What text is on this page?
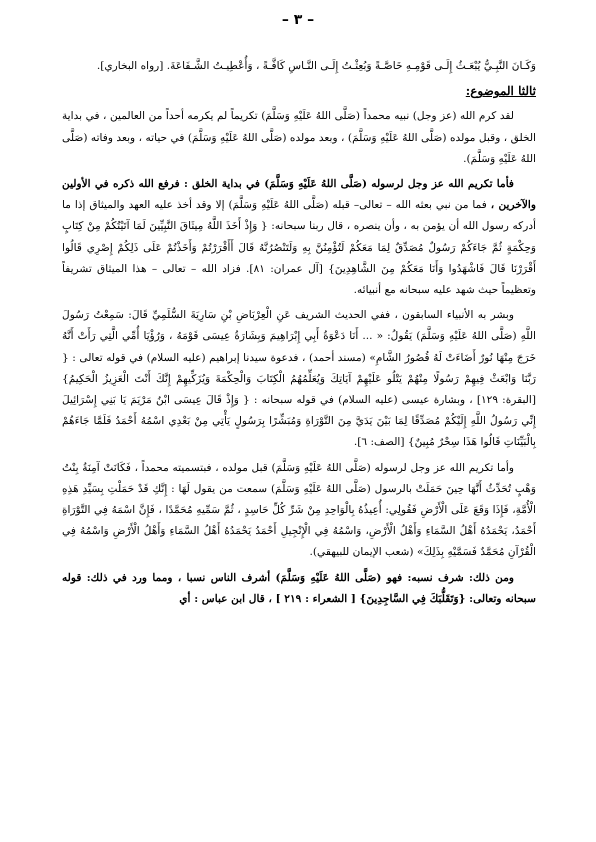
– ٣ –

وَكَـانَ النَّبِـيُّ يُبْعَـثُ إِلَـى قَوْمِـهِ خَاصَّـةً وَبُعِثْـتُ إِلَـى النَّـاسِ كَافَّـةً ، وَأُعْطِيـتُ الشَّـفَاعَةَ. [رواه البخاري].

ثالثا الموضوع:

لقد كرم الله (عز وجل) نبيه محمداً (صَلَّى اللهُ عَلَيْهِ وَسَلَّمَ) تكريماً لم يكرمه أحداً من العالمين ، في بداية الخلق ، وقبل مولده (صَلَّى اللهُ عَلَيْهِ وَسَلَّمَ) ، وبعد مولده (صَلَّى اللهُ عَلَيْهِ وَسَلَّمَ) في حياته ، وبعد وفاته (صَلَّى اللهُ عَلَيْهِ وَسَلَّمَ).

فأما تكريم الله عز وجل لرسوله (صَلَّى اللهُ عَلَيْهِ وَسَلَّمَ) في بداية الخلق : فرفع الله ذكره في الأولين والآخرين ، فما من نبي بعثه الله – تعالى– قبله (صَلَّى اللهُ عَلَيْهِ وَسَلَّمَ) إلا وقد أخذ عليه العهد والميثاق إذا ما أدركه رسول الله أن يؤمن به ، وأن ينصره ، قال ربنا سبحانه: { وَإِذْ أَخَذَ اللَّهُ مِيثَاقَ النَّبِيِّينَ لَمَا آتَيْتُكُمْ مِنْ كِتَابٍ وَحِكْمَةٍ ثُمَّ جَاءَكُمْ رَسُولٌ مُصَدِّقٌ لِمَا مَعَكُمْ لَتُؤْمِنُنَّ بِهِ وَلَتَنْصُرُنَّهُ قَالَ أَأَقْرَرْتُمْ وَأَخَذْتُمْ عَلَى ذَلِكُمْ إِصْرِي قَالُوا أَقْرَرْنَا قَالَ فَاشْهَدُوا وَأَنَا مَعَكُمْ مِنَ الشَّاهِدِينَ} [آل عمران: ٨١]. فزاد الله – تعالى – هذا الميثاق تشريفاً وتعظيماً حيث شهد عليه سبحانه مع أنبيائه.

وبشر به الأنبياء السابقون ، ففي الحديث الشريف عَنِ الْعِرْبَاضِ بْنِ سَارِيَةَ السُّلَمِيِّ قَالَ: سَمِعْتُ رَسُولَ اللَّهِ (صَلَّى اللهُ عَلَيْهِ وَسَلَّمَ) يَقُولُ: « ... أَنَا دَعْوَةُ أَبِي إِبْرَاهِيمَ وَبِشَارَةُ عِيسَى قَوْمَهُ ، وَرُؤْيَا أُمِّي الَّتِي رَأَتْ أَنَّهُ خَرَجَ مِنْهَا نُورٌ أَضَاءَتْ لَهُ قُصُورُ الشَّامِ» (مسند أحمد) ، فدعوة سيدنا إبراهيم (عليه السلام) في قوله تعالى : { رَبَّنَا وَابْعَثْ فِيهِمْ رَسُولًا مِنْهُمْ يَتْلُو عَلَيْهِمْ آيَاتِكَ وَيُعَلِّمُهُمُ الْكِتَابَ وَالْحِكْمَةَ وَيُزَكِّيهِمْ إِنَّكَ أَنْتَ الْعَزِيزُ الْحَكِيمُ} [البقرة: ١٢٩] ، وبشارة عيسى (عليه السلام) في قوله سبحانه : { وَإِذْ قَالَ عِيسَى ابْنُ مَرْيَمَ يَا بَنِي إِسْرَائِيلَ إِنِّي رَسُولُ اللَّهِ إِلَيْكُمْ مُصَدِّقًا لِمَا بَيْنَ يَدَيَّ مِنَ التَّوْرَاةِ وَمُبَشِّرًا بِرَسُولٍ يَأْتِي مِنْ بَعْدِي اسْمُهُ أَحْمَدُ فَلَمَّا جَاءَهُمْ بِالْبَيِّنَاتِ قَالُوا هَذَا سِحْرٌ مُبِينٌ} [الصف: ٦].

وأما تكريم الله عز وجل لرسوله (صَلَّى اللهُ عَلَيْهِ وَسَلَّمَ) قبل مولده ، فبتسميته محمداً ، فَكَانَتْ آمِنَةُ بِنْتُ وَهْبٍ تُحَدِّثُ أَنَّهَا حِينَ حَمَلَتْ بالرسول (صَلَّى اللهُ عَلَيْهِ وَسَلَّمَ) سمعت من يقول لَهَا : إِنَّكِ قَدْ حَمَلْتِ بِسَيِّدِ هَذِهِ الْأُمَّةِ، فَإِذَا وَقَعَ عَلَى الْأَرْضِ فَقُولِي: أُعِيذُهُ بِالْوَاحِدِ مِنْ شَرِّ كُلِّ حَاسِدٍ ، ثُمَّ سَمِّيهِ مُحَمَّدًا ، فَإِنَّ اسْمَهُ فِي التَّوْرَاةِ أَحْمَدُ، يَحْمَدُهُ أَهْلُ السَّمَاءِ وَأَهْلُ الْأَرْضِ، وَاسْمُهُ فِي الْإِنْجِيلِ أَحْمَدُ يَحْمَدُهُ أَهْلُ السَّمَاءِ وَأَهْلُ الْأَرْضِ وَاسْمُهُ فِي الْقُرْآنِ مُحَمَّدٌ فَسَمَّيْهِ بِذَلِكَ» (شعب الإيمان للبيهقي).

ومن ذلك: شرف نسبه: فهو (صَلَّى اللهُ عَلَيْهِ وَسَلَّمَ) أشرف الناس نسبا ، ومما ورد في ذلك: قوله سبحانه وتعالى: {وَتَقَلُّبَكَ فِي السَّاجِدِينَ} [ الشعراء : ٢١٩ ] ، قال ابن عباس : أي
